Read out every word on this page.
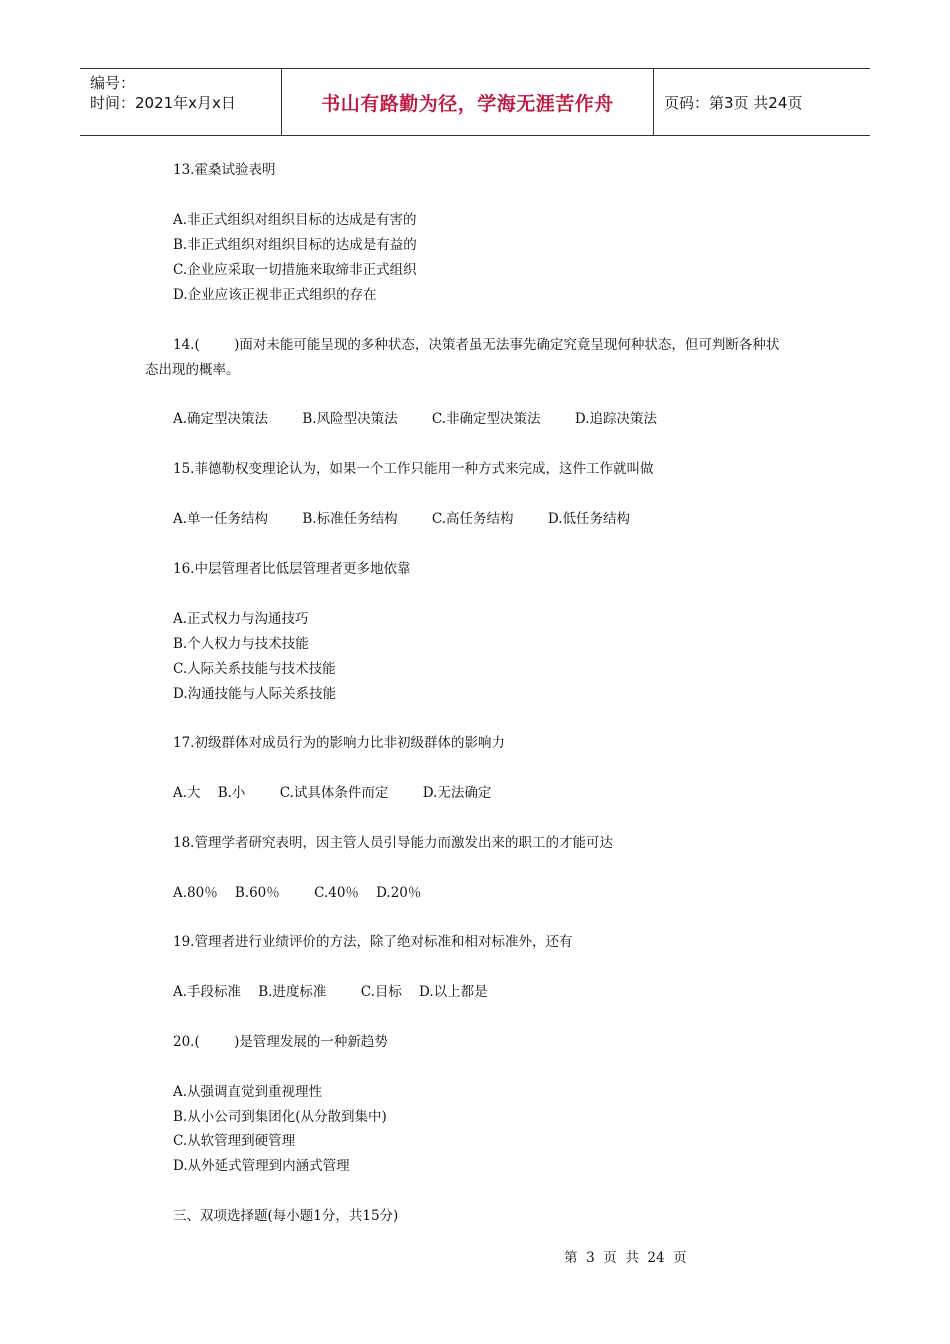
编号：
时间：2021年x月x日	书山有路勤为径，学海无涯苦作舟	页码：第3页 共24页
13.霍桑试验表明
A.非正式组织对组织目标的达成是有害的
B.非正式组织对组织目标的达成是有益的
C.企业应采取一切措施来取缔非正式组织
D.企业应该正视非正式组织的存在
14.(        )面对未能可能呈现的多种状态，决策者虽无法事先确定究竟呈现何种状态，但可判断各种状
态出现的概率。
A.确定型决策法        B.风险型决策法        C.非确定型决策法        D.追踪决策法
15.菲德勒权变理论认为，如果一个工作只能用一种方式来完成，这件工作就叫做
A.单一任务结构        B.标准任务结构        C.高任务结构        D.低任务结构
16.中层管理者比低层管理者更多地依靠
A.正式权力与沟通技巧
B.个人权力与技术技能
C.人际关系技能与技术技能
D.沟通技能与人际关系技能
17.初级群体对成员行为的影响力比非初级群体的影响力
A.大    B.小        C.试具体条件而定        D.无法确定
18.管理学者研究表明，因主管人员引导能力而激发出来的职工的才能可达
A.80％    B.60％        C.40％    D.20％
19.管理者进行业绩评价的方法，除了绝对标准和相对标准外，还有
A.手段标准    B.进度标准        C.目标    D.以上都是
20.(        )是管理发展的一种新趋势
A.从强调直觉到重视理性
B.从小公司到集团化(从分散到集中)
C.从软管理到硬管理
D.从外延式管理到内涵式管理
三、双项选择题(每小题1分，共15分)
第  3  页  共  24  页
